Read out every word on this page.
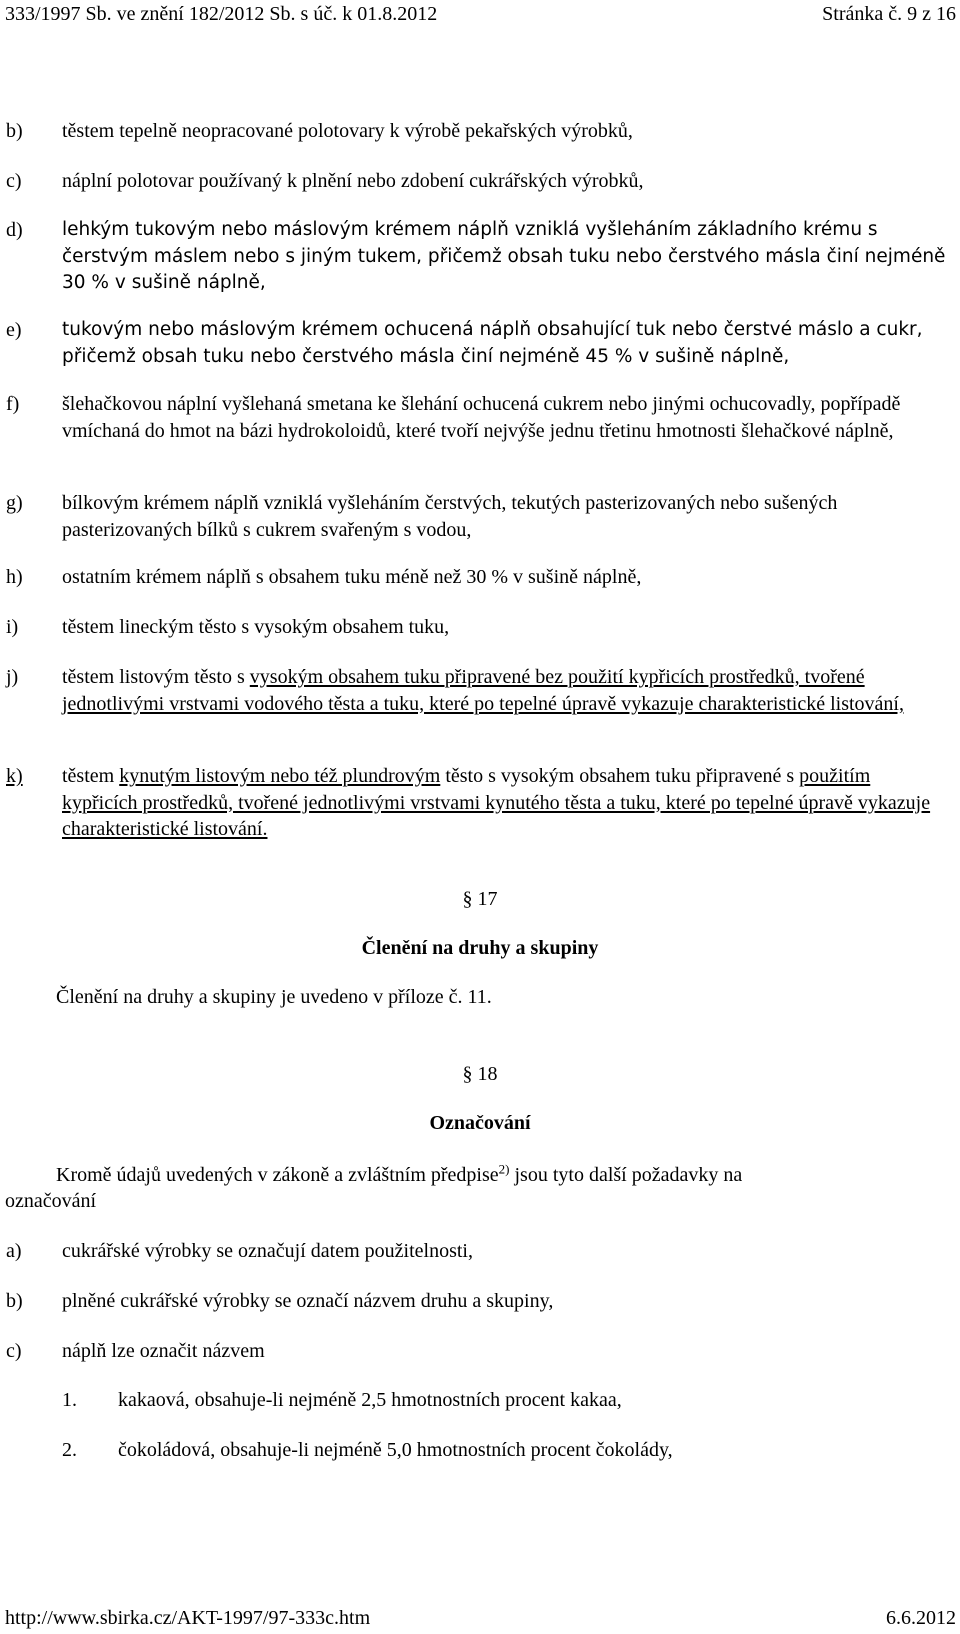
333/1997 Sb. ve znění 182/2012 Sb. s úč. k 01.8.2012	Stránka č. 9 z 16
b) těstem tepelně neopracované polotovary k výrobě pekařských výrobků,
c) náplní polotovar používaný k plnění nebo zdobení cukrářských výrobků,
d) lehkým tukovým nebo máslovým krémem náplň vzniklá vyšleháním základního krému s čerstvým máslem nebo s jiným tukem, přičemž obsah tuku nebo čerstvého másla činí nejméně 30 % v sušině náplně,
e) tukovým nebo máslovým krémem ochucená náplň obsahující tuk nebo čerstvé máslo a cukr, přičemž obsah tuku nebo čerstvého másla činí nejméně 45 % v sušině náplně,
f) šlehačkovou náplní vyšlehaná smetana ke šlehání ochucená cukrem nebo jinými ochucovadly, popřípadě vmíchaná do hmot na bázi hydrokoloidů, které tvoří nejvýše jednu třetinu hmotnosti šlehačkové náplně,
g) bílkovým krémem náplň vzniklá vyšleháním čerstvých, tekutých pasterizovaných nebo sušených pasterizovaných bílků s cukrem svařeným s vodou,
h) ostatním krémem náplň s obsahem tuku méně než 30 % v sušině náplně,
i) těstem lineckým těsto s vysokým obsahem tuku,
j) těstem listovým těsto s vysokým obsahem tuku připravené bez použití kypřicích prostředků, tvořené jednotlivými vrstvami vodového těsta a tuku, které po tepelné úpravě vykazuje charakteristické listování,
k) těstem kynutým listovým nebo též plundrovým těsto s vysokým obsahem tuku připravené s použitím kypřicích prostředků, tvořené jednotlivými vrstvami kynutého těsta a tuku, které po tepelné úpravě vykazuje charakteristické listování.
§ 17
Členění na druhy a skupiny
Členění na druhy a skupiny je uvedeno v příloze č. 11.
§ 18
Označování
Kromě údajů uvedených v zákoně a zvláštním předpise$^{2)}$ jsou tyto další požadavky na
označování
a) cukrářské výrobky se označují datem použitelnosti,
b) plněné cukrářské výrobky se označí názvem druhu a skupiny,
c) náplň lze označit názvem
1. kakaová, obsahuje-li nejméně 2,5 hmotnostních procent kakaa,
2. čokoládová, obsahuje-li nejméně 5,0 hmotnostních procent čokolády,
http://www.sbirka.cz/AKT-1997/97-333c.htm	6.6.2012
